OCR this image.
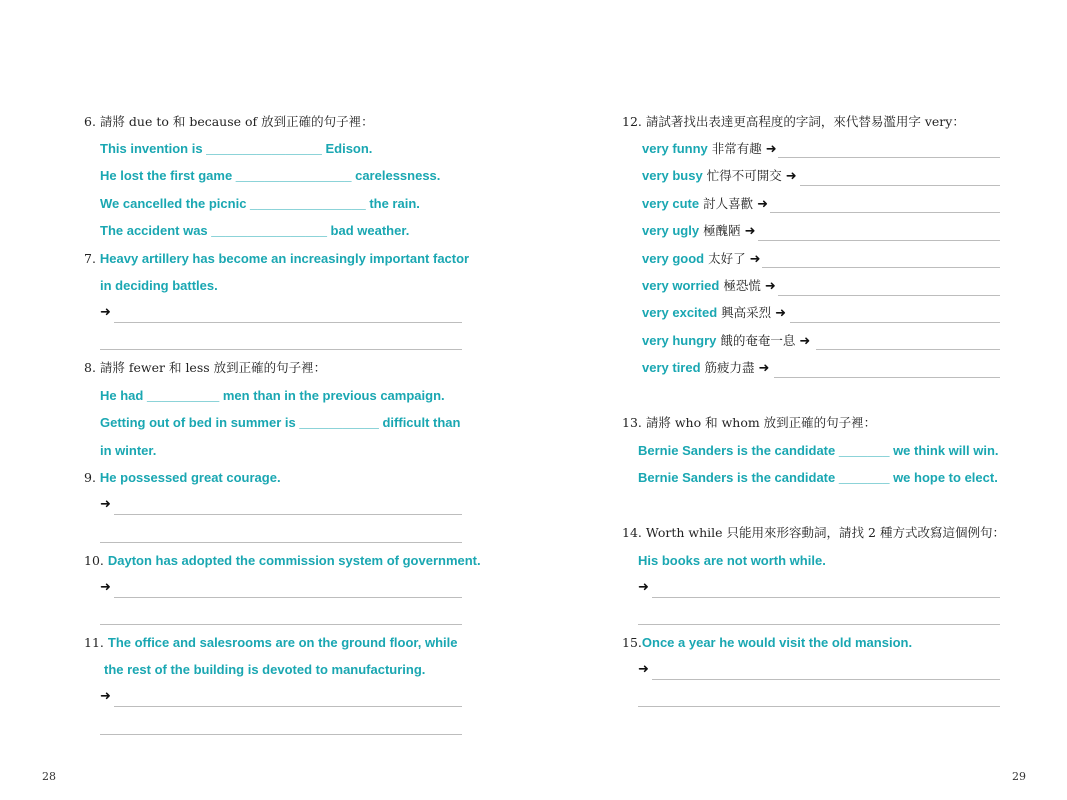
6. 請將 due to 和 because of 放到正確的句子裡：
This invention is ________________ Edison.
He lost the first game ________________ carelessness.
We cancelled the picnic ________________ the rain.
The accident was ________________ bad weather.
7. Heavy artillery has become an increasingly important factor
in deciding battles.
➜
8. 請將 fewer 和 less 放到正確的句子裡：
He had __________ men than in the previous campaign.
Getting out of bed in summer is ___________ difficult than
in winter.
9. He possessed great courage.
➜
10. Dayton has adopted the commission system of government.
➜
11. The office and salesrooms are on the ground floor, while
the rest of the building is devoted to manufacturing.
➜
28
12. 請試著找出表達更高程度的字詞，來代替易濫用字 very：
very funny 非常有趣 ➜
very busy 忙得不可開交 ➜
very cute 討人喜歡 ➜
very ugly 極醜陋 ➜
very good 太好了 ➜
very worried 極恐慌 ➜
very excited 興高采烈 ➜
very hungry 餓的奄奄一息 ➜
very tired 筋疲力盡 ➜
13. 請將 who 和 whom 放到正確的句子裡：
Bernie Sanders is the candidate _______ we think will win.
Bernie Sanders is the candidate _______ we hope to elect.
14. Worth while 只能用來形容動詞，請找 2 種方式改寫這個例句：
His books are not worth while.
➜
15.Once a year he would visit the old mansion.
➜
29
